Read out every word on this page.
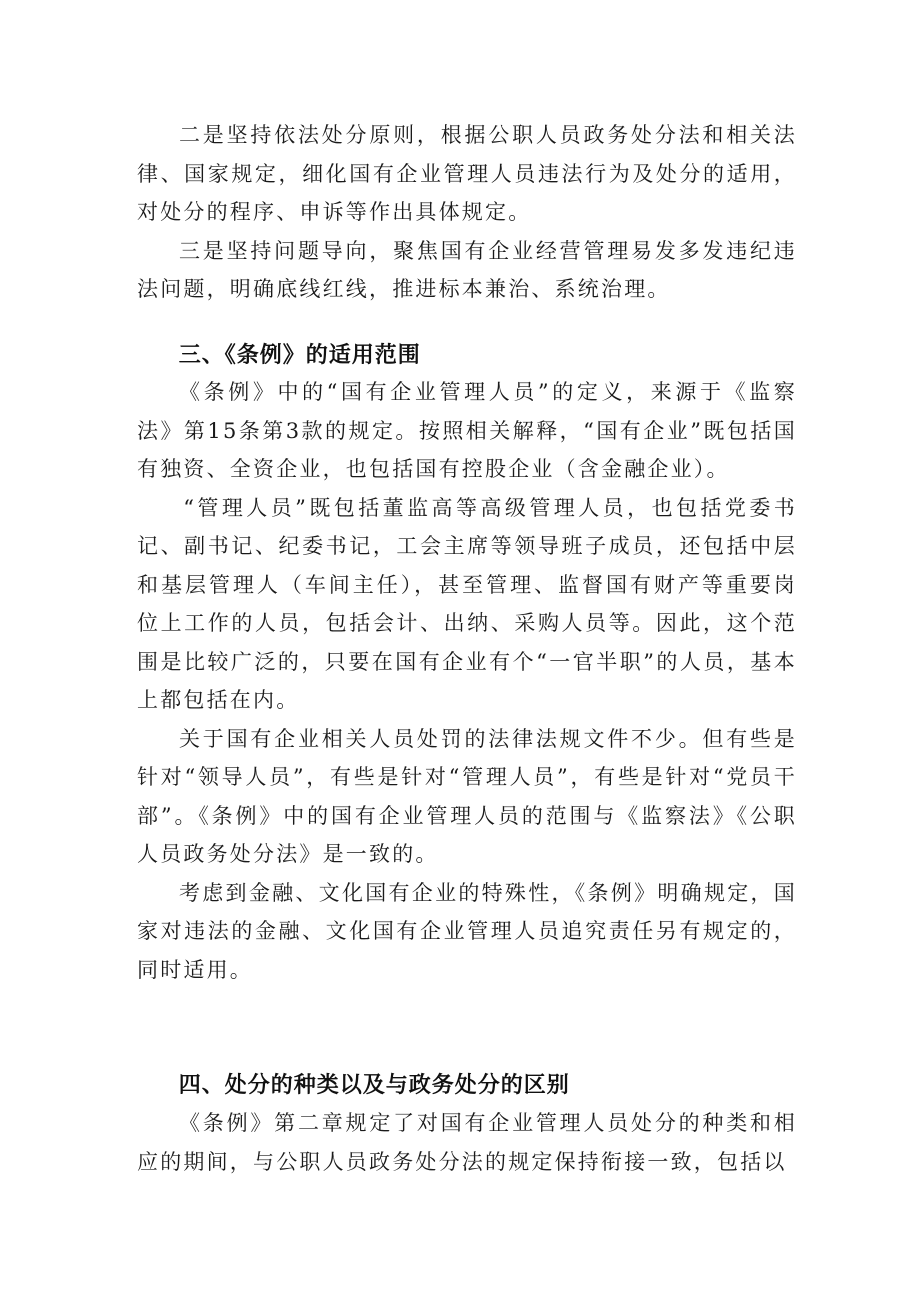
二是坚持依法处分原则，根据公职人员政务处分法和相关法律、国家规定，细化国有企业管理人员违法行为及处分的适用，对处分的程序、申诉等作出具体规定。

三是坚持问题导向，聚焦国有企业经营管理易发多发违纪违法问题，明确底线红线，推进标本兼治、系统治理。

三、《条例》的适用范围

《条例》中的“国有企业管理人员”的定义，来源于《监察法》第15条第3款的规定。按照相关解释，“国有企业”既包括国有独资、全资企业，也包括国有控股企业（含金融企业）。

“管理人员”既包括董监高等高级管理人员，也包括党委书记、副书记、纪委书记，工会主席等领导班子成员，还包括中层和基层管理人（车间主任），甚至管理、监督国有财产等重要岗位上工作的人员，包括会计、出纳、采购人员等。因此，这个范围是比较广泛的，只要在国有企业有个“一官半职”的人员，基本上都包括在内。

关于国有企业相关人员处罚的法律法规文件不少。但有些是针对“领导人员”，有些是针对“管理人员”，有些是针对“党员干部”。《条例》中的国有企业管理人员的范围与《监察法》《公职人员政务处分法》是一致的。

考虑到金融、文化国有企业的特殊性，《条例》明确规定，国家对违法的金融、文化国有企业管理人员追究责任另有规定的，同时适用。

四、处分的种类以及与政务处分的区别

《条例》第二章规定了对国有企业管理人员处分的种类和相应的期间，与公职人员政务处分法的规定保持衔接一致，包括以
